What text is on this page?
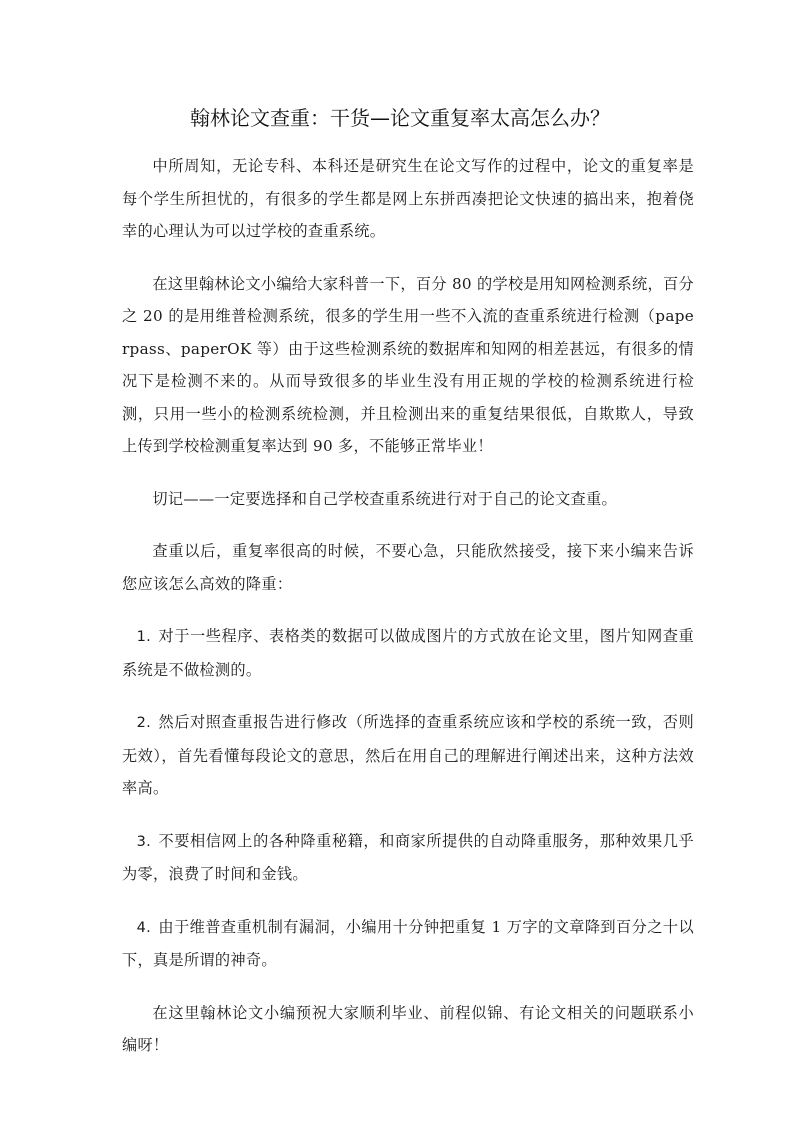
翰林论文查重：干货—论文重复率太高怎么办？

中所周知，无论专科、本科还是研究生在论文写作的过程中，论文的重复率是每个学生所担忧的，有很多的学生都是网上东拼西凑把论文快速的搞出来，抱着侥幸的心理认为可以过学校的查重系统。

在这里翰林论文小编给大家科普一下，百分 80 的学校是用知网检测系统，百分之 20 的是用维普检测系统，很多的学生用一些不入流的查重系统进行检测（paperpass、paperOK 等）由于这些检测系统的数据库和知网的相差甚远，有很多的情况下是检测不来的。从而导致很多的毕业生没有用正规的学校的检测系统进行检测，只用一些小的检测系统检测，并且检测出来的重复结果很低，自欺欺人，导致上传到学校检测重复率达到 90 多，不能够正常毕业！

切记——一定要选择和自己学校查重系统进行对于自己的论文查重。

查重以后，重复率很高的时候，不要心急，只能欣然接受，接下来小编来告诉您应该怎么高效的降重：

1. 对于一些程序、表格类的数据可以做成图片的方式放在论文里，图片知网查重系统是不做检测的。

2. 然后对照查重报告进行修改（所选择的查重系统应该和学校的系统一致，否则无效），首先看懂每段论文的意思，然后在用自己的理解进行阐述出来，这种方法效率高。

3. 不要相信网上的各种降重秘籍，和商家所提供的自动降重服务，那种效果几乎为零，浪费了时间和金钱。

4. 由于维普查重机制有漏洞，小编用十分钟把重复 1 万字的文章降到百分之十以下，真是所谓的神奇。

在这里翰林论文小编预祝大家顺利毕业、前程似锦、有论文相关的问题联系小编呀！
